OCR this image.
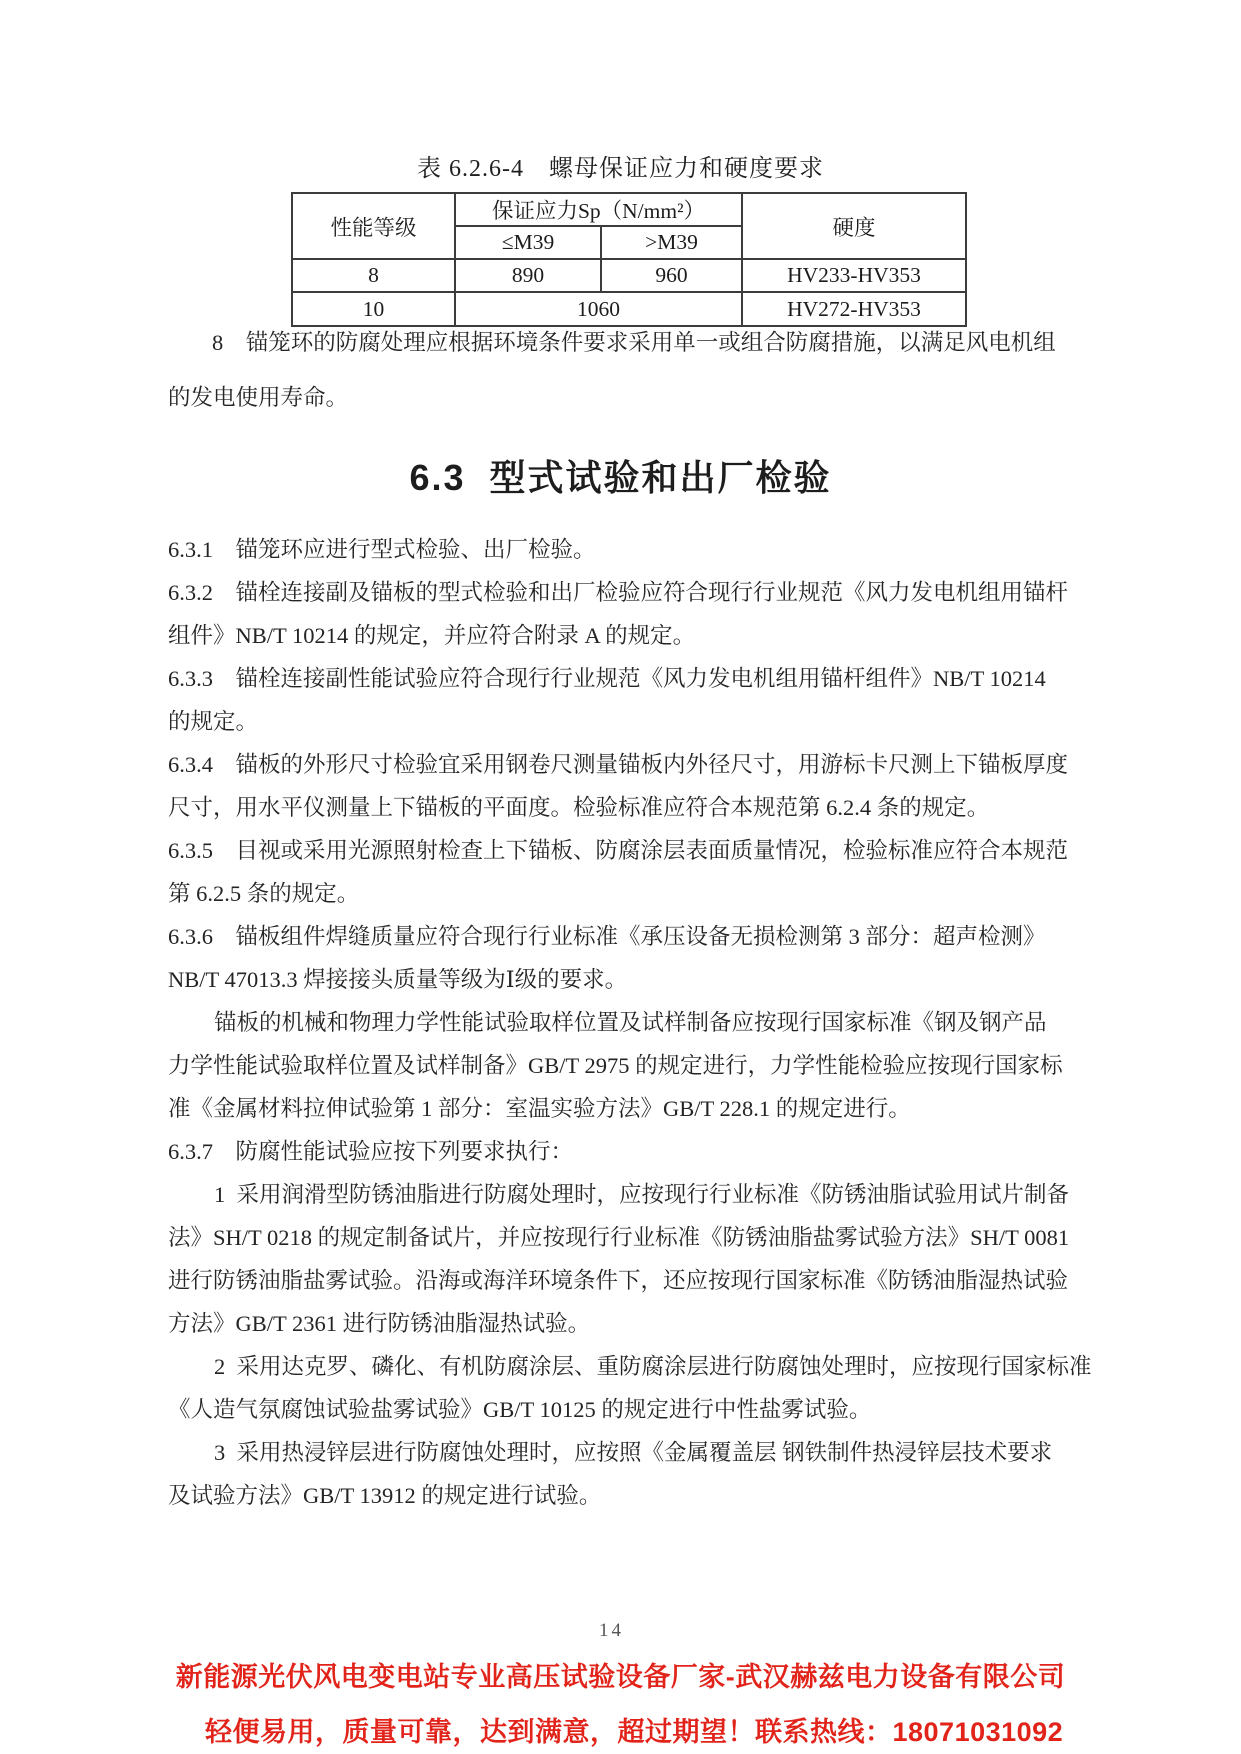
表 6.2.6-4　螺母保证应力和硬度要求
性能等级	保证应力Sp（N/mm²）		硬度
	≤M39	>M39	
8	890	960	HV233-HV353
10	1060		HV272-HV353
8　锚笼环的防腐处理应根据环境条件要求采用单一或组合防腐措施，以满足风电机组
的发电使用寿命。
6.3  型式试验和出厂检验
6.3.1　锚笼环应进行型式检验、出厂检验。
6.3.2　锚栓连接副及锚板的型式检验和出厂检验应符合现行行业规范《风力发电机组用锚杆
组件》NB/T 10214 的规定，并应符合附录 A 的规定。
6.3.3　锚栓连接副性能试验应符合现行行业规范《风力发电机组用锚杆组件》NB/T 10214
的规定。
6.3.4　锚板的外形尺寸检验宜采用钢卷尺测量锚板内外径尺寸，用游标卡尺测上下锚板厚度
尺寸，用水平仪测量上下锚板的平面度。检验标准应符合本规范第 6.2.4 条的规定。
6.3.5　目视或采用光源照射检查上下锚板、防腐涂层表面质量情况，检验标准应符合本规范
第 6.2.5 条的规定。
6.3.6　锚板组件焊缝质量应符合现行行业标准《承压设备无损检测第 3 部分：超声检测》
NB/T 47013.3 焊接接头质量等级为Ⅰ级的要求。
锚板的机械和物理力学性能试验取样位置及试样制备应按现行国家标准《钢及钢产品
力学性能试验取样位置及试样制备》GB/T 2975 的规定进行，力学性能检验应按现行国家标
准《金属材料拉伸试验第 1 部分：室温实验方法》GB/T 228.1 的规定进行。
6.3.7　防腐性能试验应按下列要求执行：
1  采用润滑型防锈油脂进行防腐处理时，应按现行行业标准《防锈油脂试验用试片制备
法》SH/T 0218 的规定制备试片，并应按现行行业标准《防锈油脂盐雾试验方法》SH/T 0081
进行防锈油脂盐雾试验。沿海或海洋环境条件下，还应按现行国家标准《防锈油脂湿热试验
方法》GB/T 2361 进行防锈油脂湿热试验。
2  采用达克罗、磷化、有机防腐涂层、重防腐涂层进行防腐蚀处理时，应按现行国家标准
《人造气氛腐蚀试验盐雾试验》GB/T 10125 的规定进行中性盐雾试验。
3  采用热浸锌层进行防腐蚀处理时，应按照《金属覆盖层 钢铁制件热浸锌层技术要求
及试验方法》GB/T 13912 的规定进行试验。
14
新能源光伏风电变电站专业高压试验设备厂家-武汉赫兹电力设备有限公司
轻便易用，质量可靠，达到满意，超过期望！ 联系热线：18071031092
